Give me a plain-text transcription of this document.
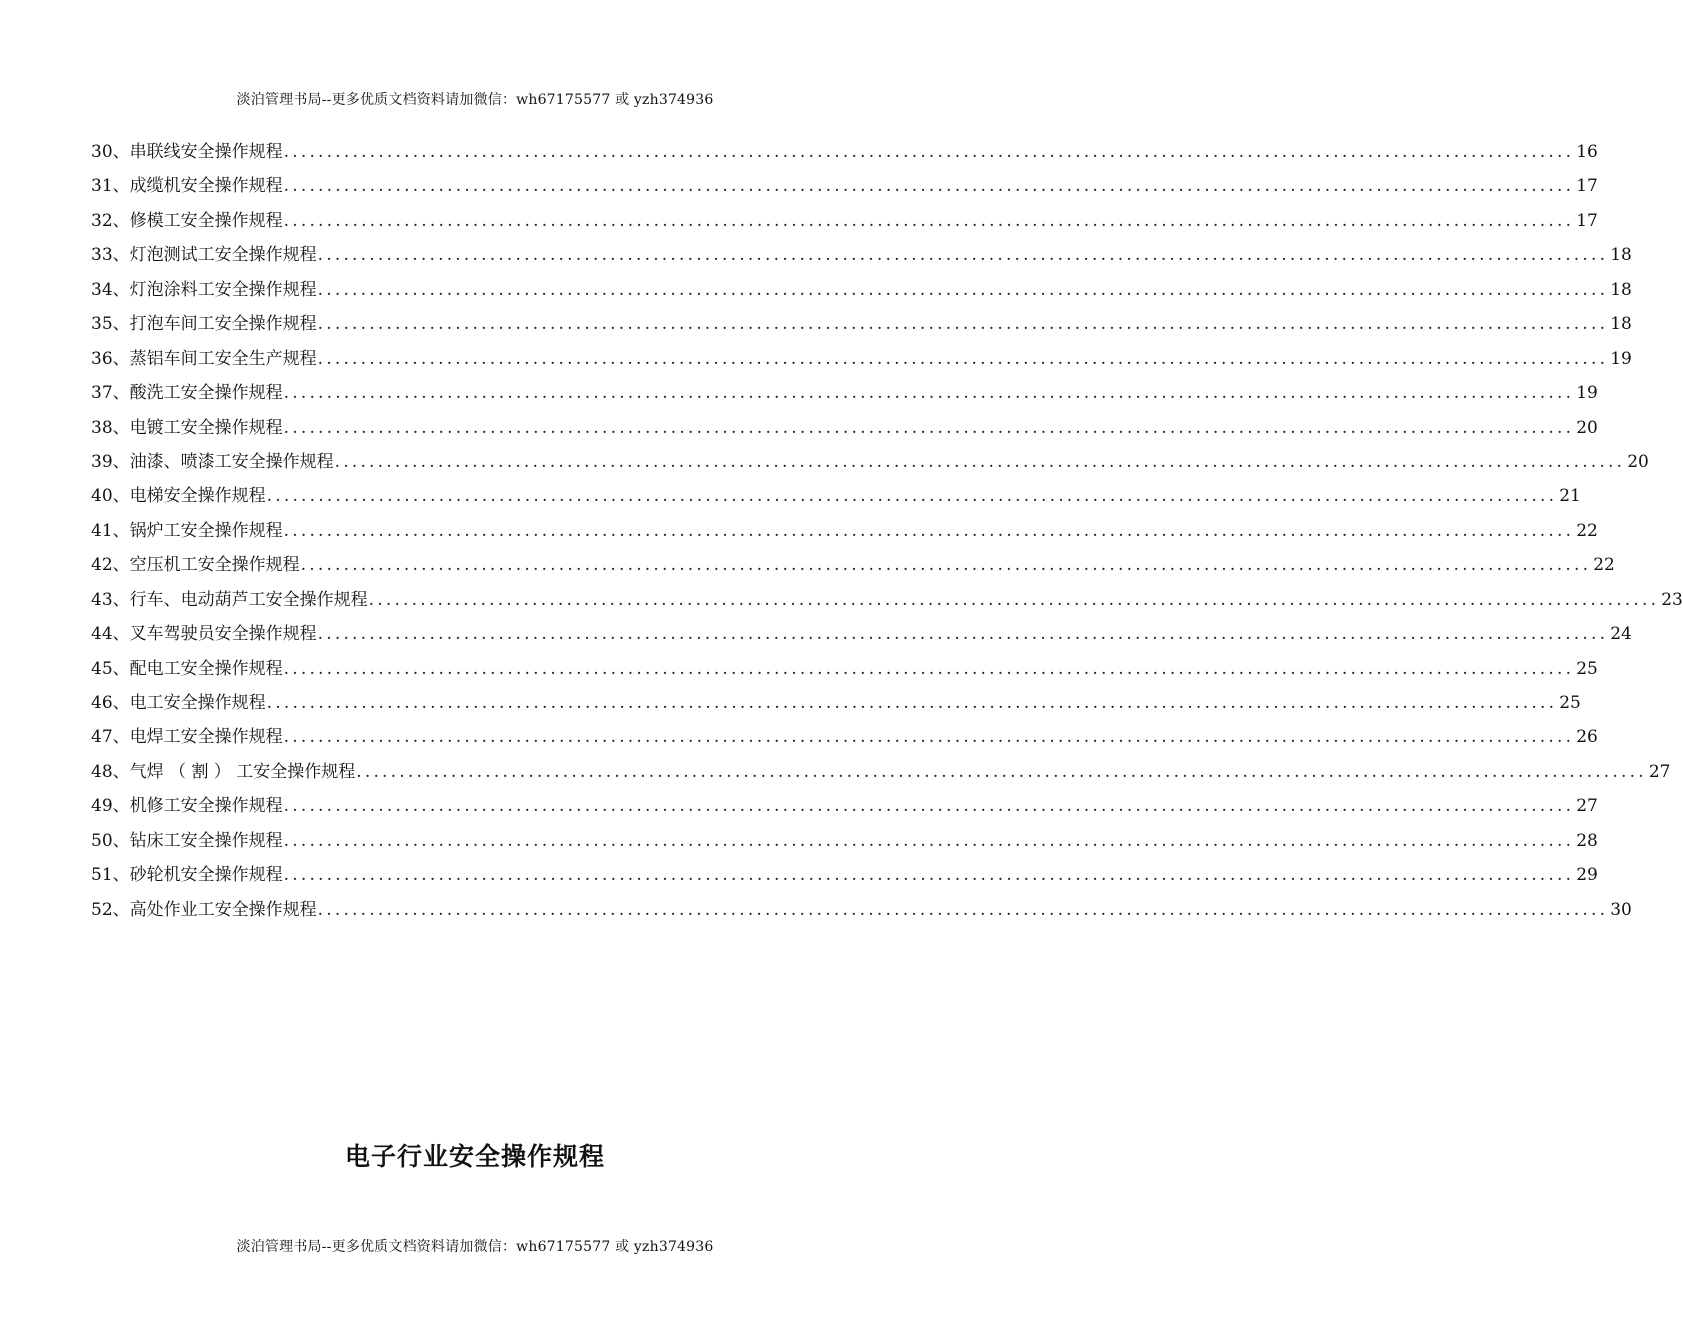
淡泊管理书局--更多优质文档资料请加微信：wh67175577 或 yzh374936
30、串联线安全操作规程 ...................................................................................................................................................... 16
31、成缆机安全操作规程 ...................................................................................................................................................... 17
32、修模工安全操作规程 ...................................................................................................................................................... 17
33、灯泡测试工安全操作规程 ...................................................................................................................................................... 18
34、灯泡涂料工安全操作规程 ...................................................................................................................................................... 18
35、打泡车间工安全操作规程 ...................................................................................................................................................... 18
36、蒸铝车间工安全生产规程 ...................................................................................................................................................... 19
37、酸洗工安全操作规程 ...................................................................................................................................................... 19
38、电镀工安全操作规程 ...................................................................................................................................................... 20
39、油漆、喷漆工安全操作规程 ...................................................................................................................................................... 20
40、电梯安全操作规程 ...................................................................................................................................................... 21
41、锅炉工安全操作规程 ...................................................................................................................................................... 22
42、空压机工安全操作规程 ...................................................................................................................................................... 22
43、行车、电动葫芦工安全操作规程 ...................................................................................................................................................... 23
44、叉车驾驶员安全操作规程 ...................................................................................................................................................... 24
45、配电工安全操作规程 ...................................................................................................................................................... 25
46、电工安全操作规程 ...................................................................................................................................................... 25
47、电焊工安全操作规程 ...................................................................................................................................................... 26
48、气焊 （ 割 ） 工安全操作规程 ...................................................................................................................................................... 27
49、机修工安全操作规程 ...................................................................................................................................................... 27
50、钻床工安全操作规程 ...................................................................................................................................................... 28
51、砂轮机安全操作规程 ...................................................................................................................................................... 29
52、高处作业工安全操作规程 ...................................................................................................................................................... 30
电子行业安全操作规程
淡泊管理书局--更多优质文档资料请加微信：wh67175577 或 yzh374936
